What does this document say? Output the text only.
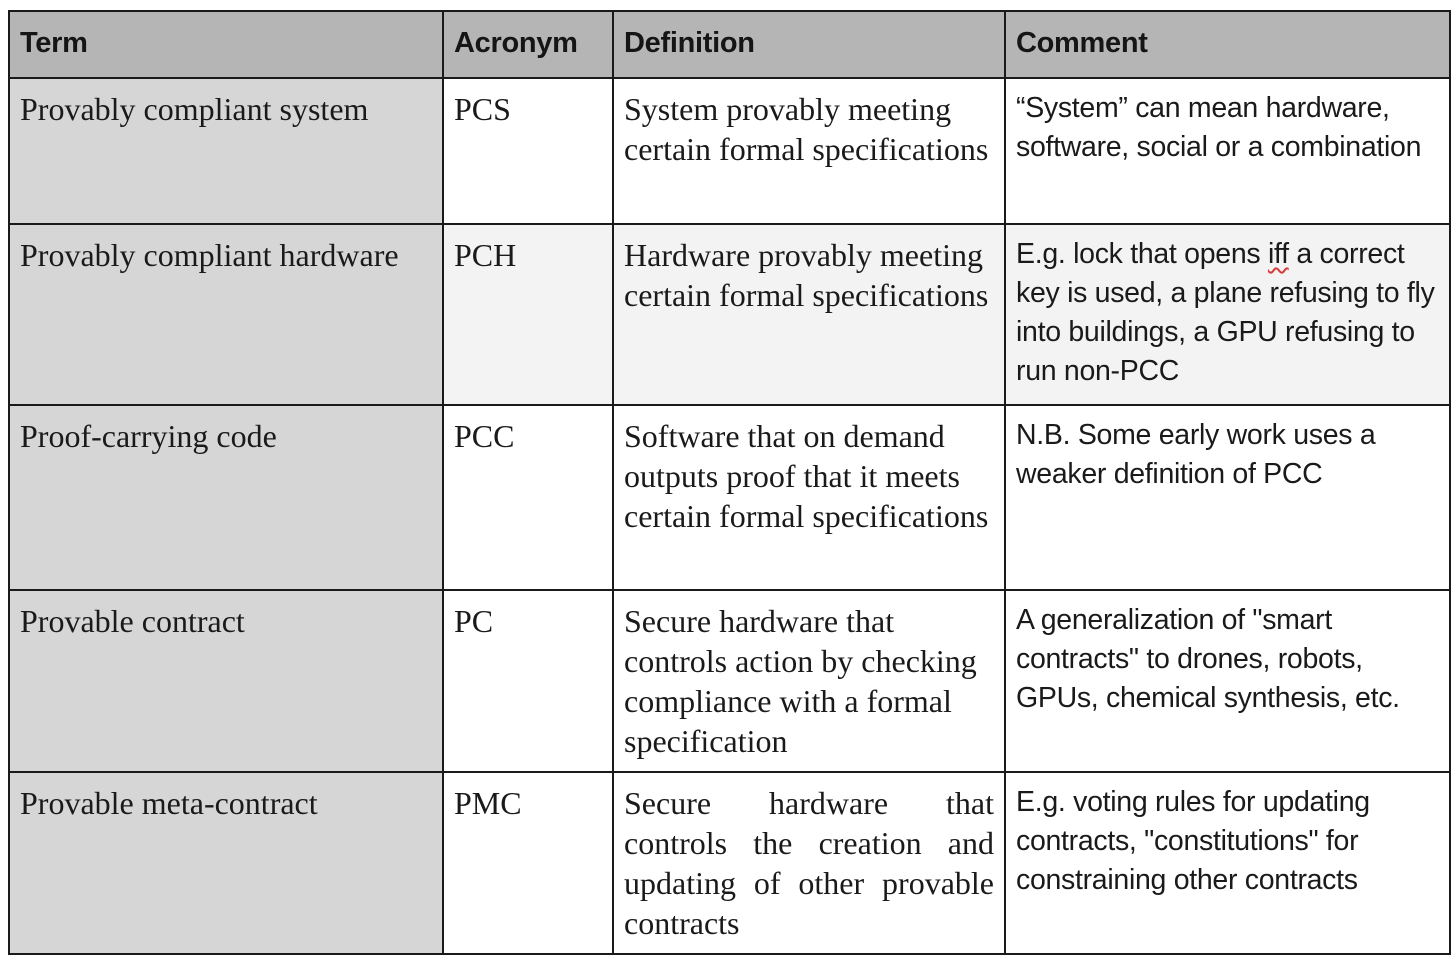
Term	Acronym	Definition	Comment
Provably compliant system	PCS	System provably meeting certain formal specifications	“System” can mean hardware, software, social or a combination
Provably compliant hardware	PCH	Hardware provably meeting certain formal specifications	E.g. lock that opens iff a correct key is used, a plane refusing to fly into buildings, a GPU refusing to run non-PCC
Proof-carrying code	PCC	Software that on demand outputs proof that it meets certain formal specifications	N.B. Some early work uses a weaker definition of PCC
Provable contract	PC	Secure hardware that controls action by checking compliance with a formal specification	A generalization of "smart contracts" to drones, robots, GPUs, chemical synthesis, etc.
Provable meta-contract	PMC	Secure hardware that controls the creation and updating of other provable contracts	E.g. voting rules for updating contracts, "constitutions" for constraining other contracts
